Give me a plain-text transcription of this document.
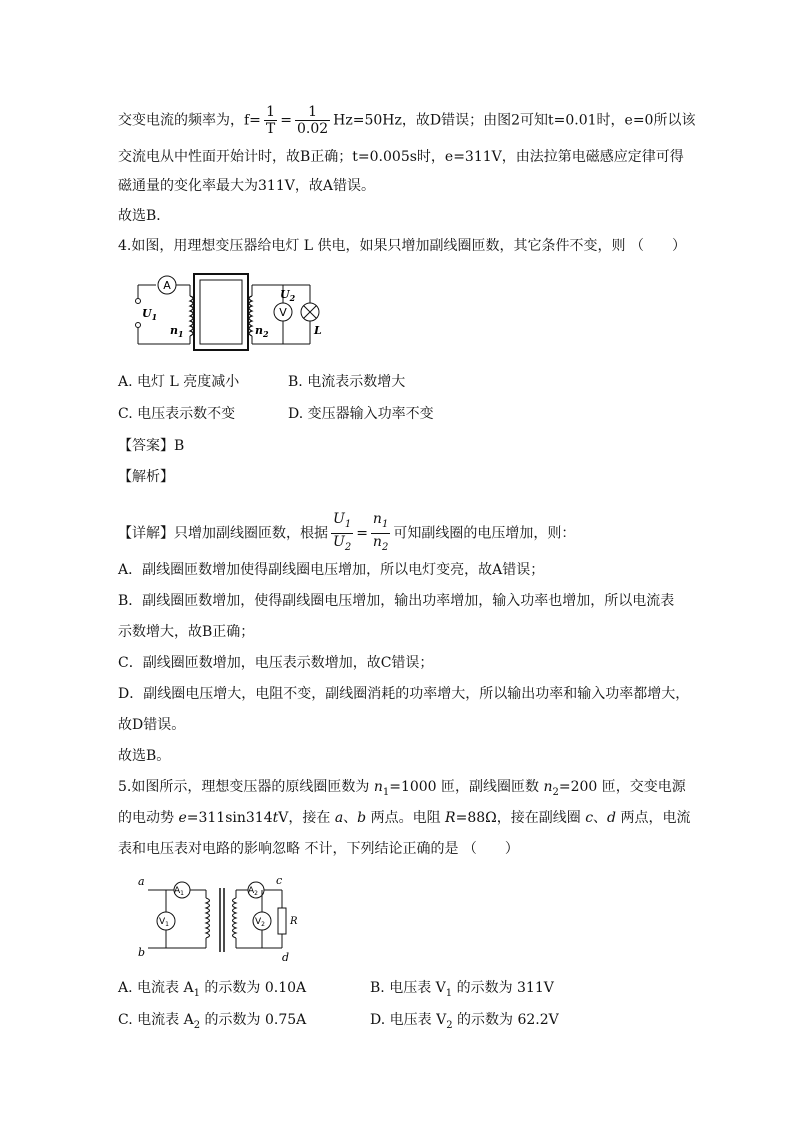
交变电流的频率为，$f= \frac{1}{T} = \frac{1}{0.02} Hz=50Hz$，故D错误；由图2可知t=0.01时，e=0所以该
交流电从中性面开始计时，故B正确；t=0.005s时，e=311V，由法拉第电磁感应定律可得
磁通量的变化率最大为311V，故A错误。
故选B．
4.如图，用理想变压器给电灯 L 供电，如果只增加副线圈匝数，其它条件不变，则 （　　）
A
$U_1$
$n_1$	$n_2$
V
$U_2$
L
A. 电灯 L 亮度减小	B. 电流表示数增大
C. 电压表示数不变	D. 变压器输入功率不变
【答案】B
【解析】
【详解】只增加副线圈匝数，根据 $\frac{U_1}{U_2} = \frac{n_1}{n_2}$ 可知副线圈的电压增加，则：
A．副线圈匝数增加使得副线圈电压增加，所以电灯变亮，故A错误；
B．副线圈匝数增加，使得副线圈电压增加，输出功率增加，输入功率也增加，所以电流表
示数增大，故B正确；
C．副线圈匝数增加，电压表示数增加，故C错误；
D．副线圈电压增大，电阻不变，副线圈消耗的功率增大，所以输出功率和输入功率都增大，
故D错误。
故选B。
5.如图所示，理想变压器的原线圈匝数为 $n_1=1000$ 匝，副线圈匝数 $n_2=200$ 匝，交变电源
的电动势 e=311sin314tV，接在 a、b 两点。电阻 R=88Ω，接在副线圈 c、d 两点，电流
表和电压表对电路的影响忽略 不计，下列结论正确的是 （　　）
a
b
$A_1$
$V_1$
$A_2$
$V_2$	R
c
d
A. 电流表 $A_1$ 的示数为 0.10A	B. 电压表 $V_1$ 的示数为 311V
C. 电流表 $A_2$ 的示数为 0.75A	D. 电压表 $V_2$ 的示数为 62.2V
